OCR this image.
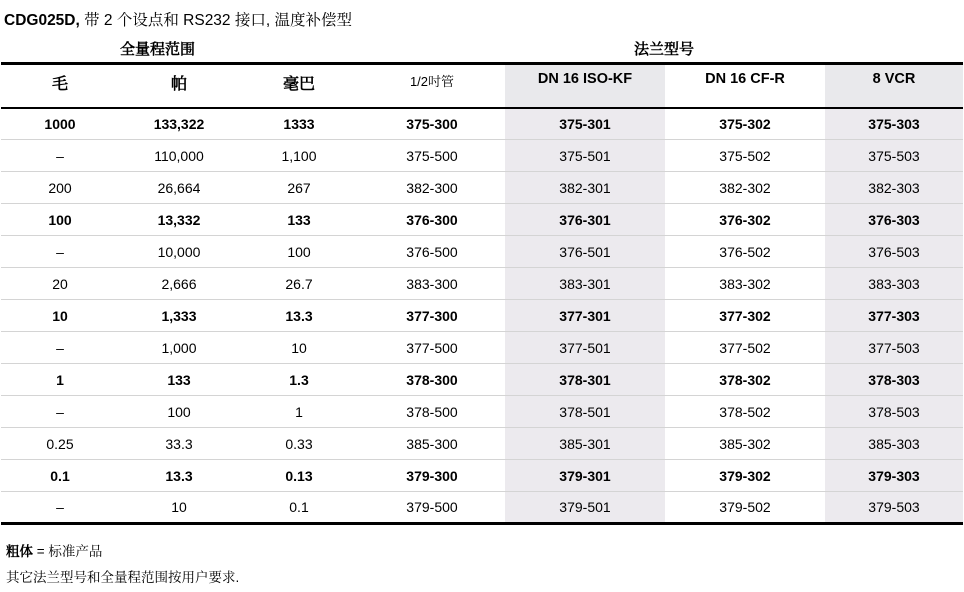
CDG025D, 带 2 个设点和 RS232 接口, 温度补偿型
全量程范围	法兰型号
毛	帕	毫巴	1/2吋管	DN 16 ISO-KF	DN 16 CF-R	8 VCR
1000	133,322	1333	375-300	375-301	375-302	375-303
–	110,000	1,100	375-500	375-501	375-502	375-503
200	26,664	267	382-300	382-301	382-302	382-303
100	13,332	133	376-300	376-301	376-302	376-303
–	10,000	100	376-500	376-501	376-502	376-503
20	2,666	26.7	383-300	383-301	383-302	383-303
10	1,333	13.3	377-300	377-301	377-302	377-303
–	1,000	10	377-500	377-501	377-502	377-503
1	133	1.3	378-300	378-301	378-302	378-303
–	100	1	378-500	378-501	378-502	378-503
0.25	33.3	0.33	385-300	385-301	385-302	385-303
0.1	13.3	0.13	379-300	379-301	379-302	379-303
–	10	0.1	379-500	379-501	379-502	379-503
粗体 = 标准产品
其它法兰型号和全量程范围按用户要求.
